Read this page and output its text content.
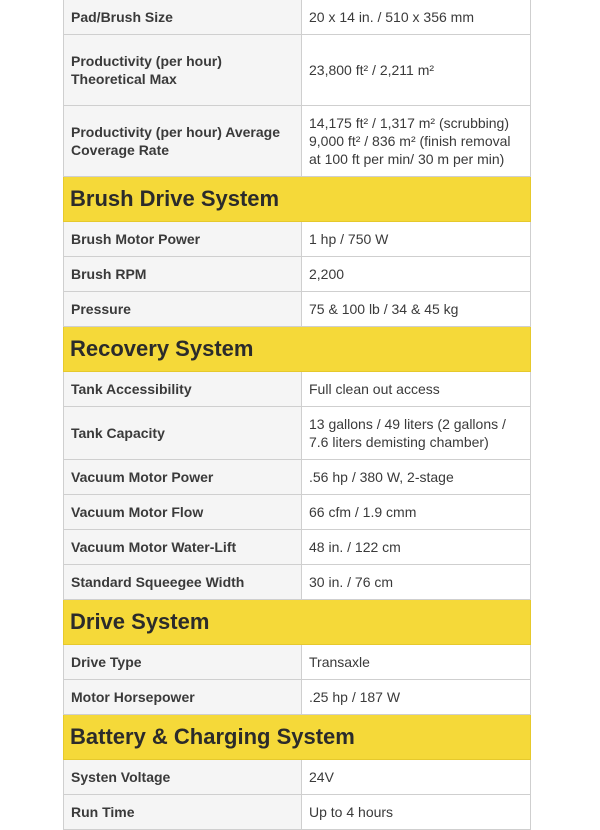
Pad/Brush Size	20 x 14 in. / 510 x 356 mm
Productivity (per hour) Theoretical Max	23,800 ft² / 2,211 m²
Productivity (per hour) Average Coverage Rate	14,175 ft² / 1,317 m² (scrubbing) 9,000 ft² / 836 m² (finish removal at 100 ft per min/ 30 m per min)
Brush Drive System	
Brush Motor Power	1 hp / 750 W
Brush RPM	2,200
Pressure	75 & 100 lb / 34 & 45 kg
Recovery System	
Tank Accessibility	Full clean out access
Tank Capacity	13 gallons / 49 liters (2 gallons / 7.6 liters demisting chamber)
Vacuum Motor Power	.56 hp / 380 W, 2-stage
Vacuum Motor Flow	66 cfm / 1.9 cmm
Vacuum Motor Water-Lift	48 in. / 122 cm
Standard Squeegee Width	30 in. / 76 cm
Drive System	
Drive Type	Transaxle
Motor Horsepower	.25 hp / 187 W
Battery & Charging System	
Systen Voltage	24V
Run Time	Up to 4 hours
